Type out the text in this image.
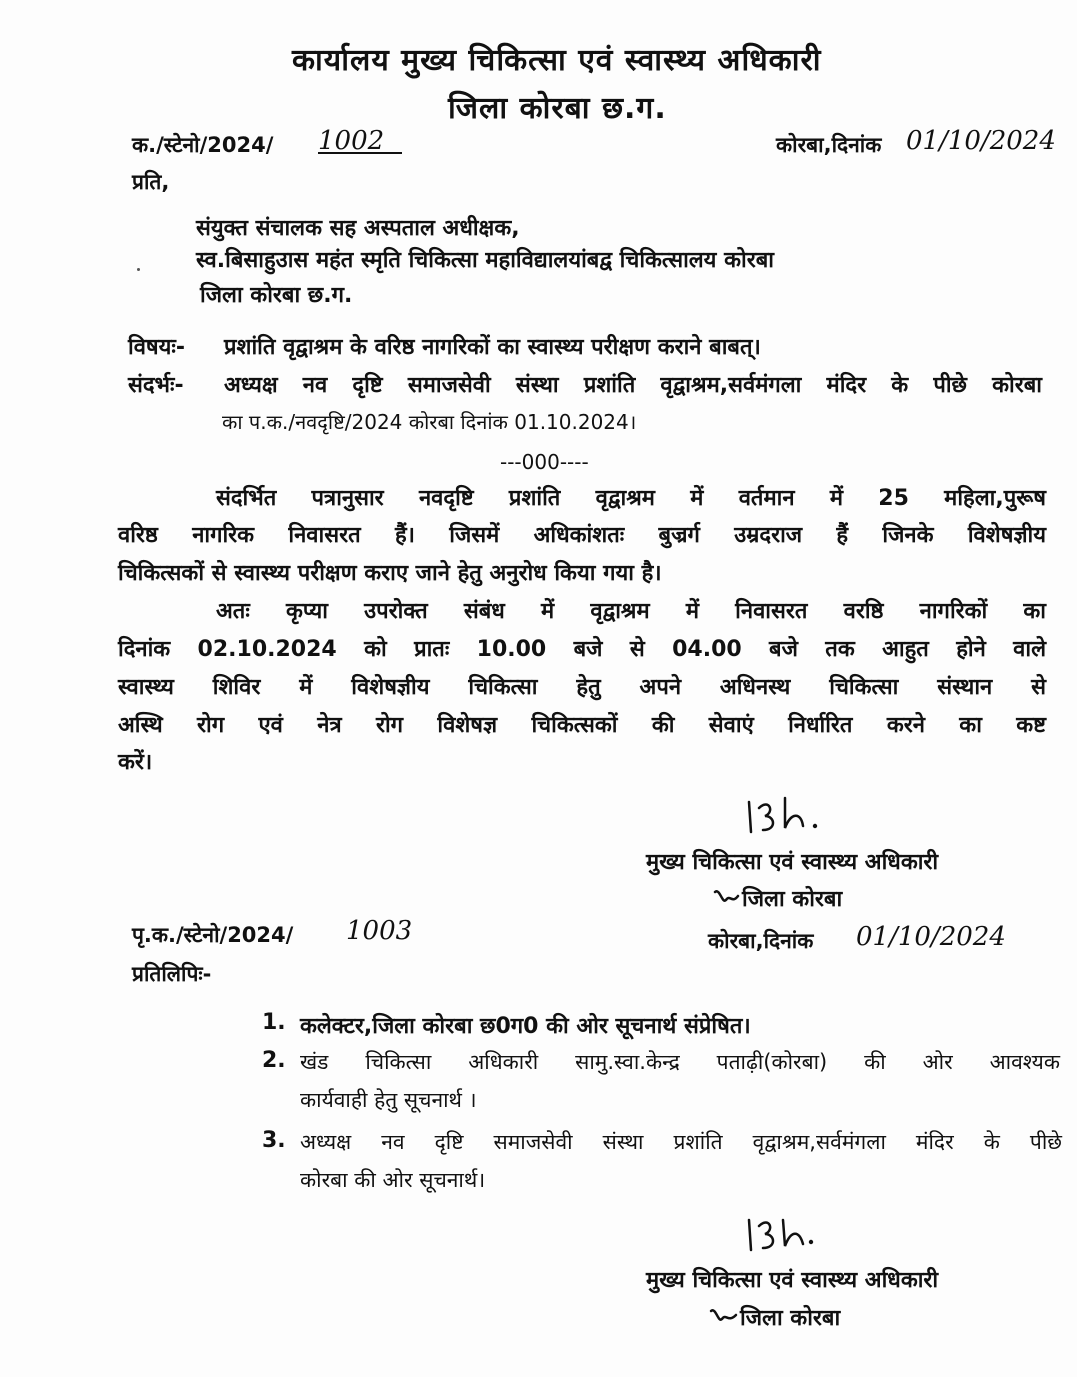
कार्यालय मुख्य चिकित्सा एवं स्वास्थ्य अधिकारी
जिला कोरबा छ.ग.
क./स्टेनो/2024/ 1002	कोरबा,दिनांक 01/10/2024
प्रति,
संयुक्त संचालक सह अस्पताल अधीक्षक,
स्व.बिसाहुउास महंत स्मृति चिकित्सा महाविद्यालयांबद्व चिकित्सालय कोरबा
जिला कोरबा छ.ग.
विषयः- प्रशांति वृद्वाश्रम के वरिष्ठ नागरिकों का स्वास्थ्य परीक्षण कराने बाबत्।
संदर्भः- अध्यक्ष नव दृष्टि समाजसेवी संस्था प्रशांति वृद्वाश्रम,सर्वमंगला मंदिर के पीछे कोरबा
का प.क./नवदृष्टि/2024 कोरबा दिनांक 01.10.2024।
---000----
संदर्भित पत्रानुसार नवदृष्टि प्रशांति वृद्वाश्रम में वर्तमान में 25 महिला,पुरूष
वरिष्ठ नागरिक निवासरत हैं। जिसमें अधिकांशतः बुज्रर्ग उम्रदराज हैं जिनके विशेषज्ञीय
चिकित्सकों से स्वास्थ्य परीक्षण कराए जाने हेतु अनुरोध किया गया है।
अतः कृप्या उपरोक्त संबंध में वृद्वाश्रम में निवासरत वरष्ठि नागरिकों का
दिनांक 02.10.2024 को प्रातः 10.00 बजे से 04.00 बजे तक आहुत होने वाले
स्वास्थ्य शिविर में विशेषज्ञीय चिकित्सा हेतु अपने अधिनस्थ चिकित्सा संस्थान से
अस्थि रोग एवं नेत्र रोग विशेषज्ञ चिकित्सकों की सेवाएं निर्धारित करने का कष्ट
करें।
मुख्य चिकित्सा एवं स्वास्थ्य अधिकारी
जिला कोरबा
पृ.क./स्टेनो/2024/ 1003	कोरबा,दिनांक 01/10/2024
प्रतिलिपिः-
1. कलेक्टर,जिला कोरबा छ0ग0 की ओर सूचनार्थ संप्रेषित।
2. खंड चिकित्सा अधिकारी सामु.स्वा.केन्द्र पताढ़ी(कोरबा) की ओर आवश्यक
कार्यवाही हेतु सूचनार्थ ।
3. अध्यक्ष नव दृष्टि समाजसेवी संस्था प्रशांति वृद्वाश्रम,सर्वमंगला मंदिर के पीछे
कोरबा की ओर सूचनार्थ।
मुख्य चिकित्सा एवं स्वास्थ्य अधिकारी
जिला कोरबा
